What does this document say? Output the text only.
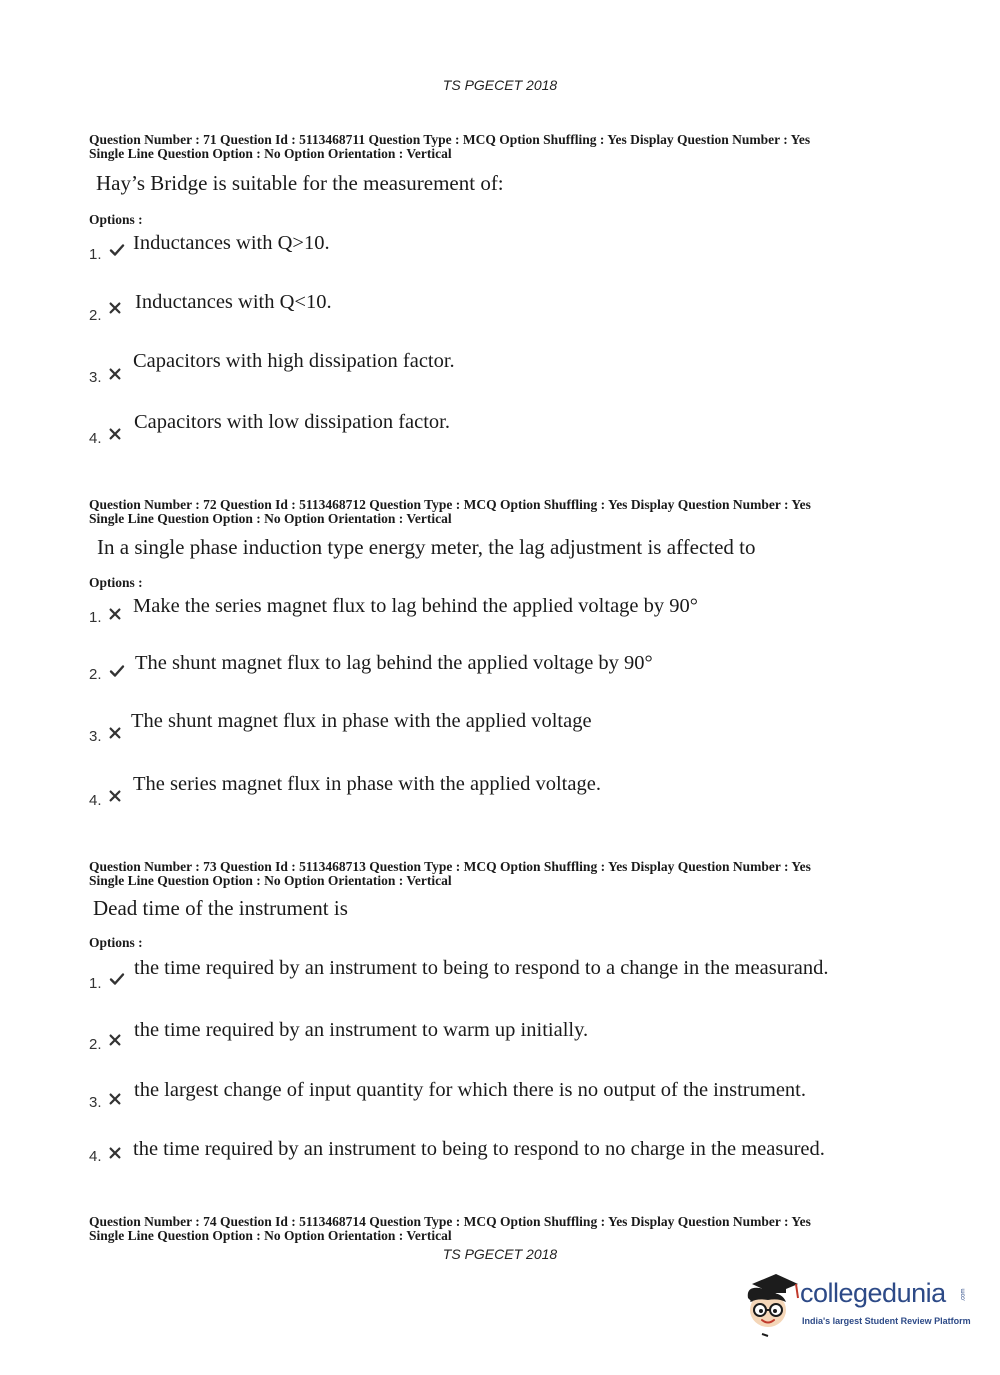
TS PGECET 2018
Question Number : 71 Question Id : 5113468711 Question Type : MCQ Option Shuffling : Yes Display Question Number : Yes
Single Line Question Option : No Option Orientation : Vertical
Hay’s Bridge is suitable for the measurement of:
Options :
1.
Inductances with Q>10.
2.
Inductances with Q<10.
3.
Capacitors with high dissipation factor.
4.
Capacitors with low dissipation factor.
Question Number : 72 Question Id : 5113468712 Question Type : MCQ Option Shuffling : Yes Display Question Number : Yes
Single Line Question Option : No Option Orientation : Vertical
In a single phase induction type energy meter, the lag adjustment is affected to
Options :
1.
Make the series magnet flux to lag behind the applied voltage by 90°
2.
The shunt magnet flux to lag behind the applied voltage by 90°
3.
The shunt magnet flux in phase with the applied voltage
4.
The series magnet flux in phase with the applied voltage.
Question Number : 73 Question Id : 5113468713 Question Type : MCQ Option Shuffling : Yes Display Question Number : Yes
Single Line Question Option : No Option Orientation : Vertical
Dead time of the instrument is
Options :
1.
the time required by an instrument to being to respond to a change in the measurand.
2.
the time required by an instrument to warm up initially.
3.
the largest change of input quantity for which there is no output of the instrument.
4. the time required by an instrument to being to respond to no charge in the measured.
Question Number : 74 Question Id : 5113468714 Question Type : MCQ Option Shuffling : Yes Display Question Number : Yes
Single Line Question Option : No Option Orientation : Vertical
TS PGECET 2018
collegedunia .com
India's largest Student Review Platform
